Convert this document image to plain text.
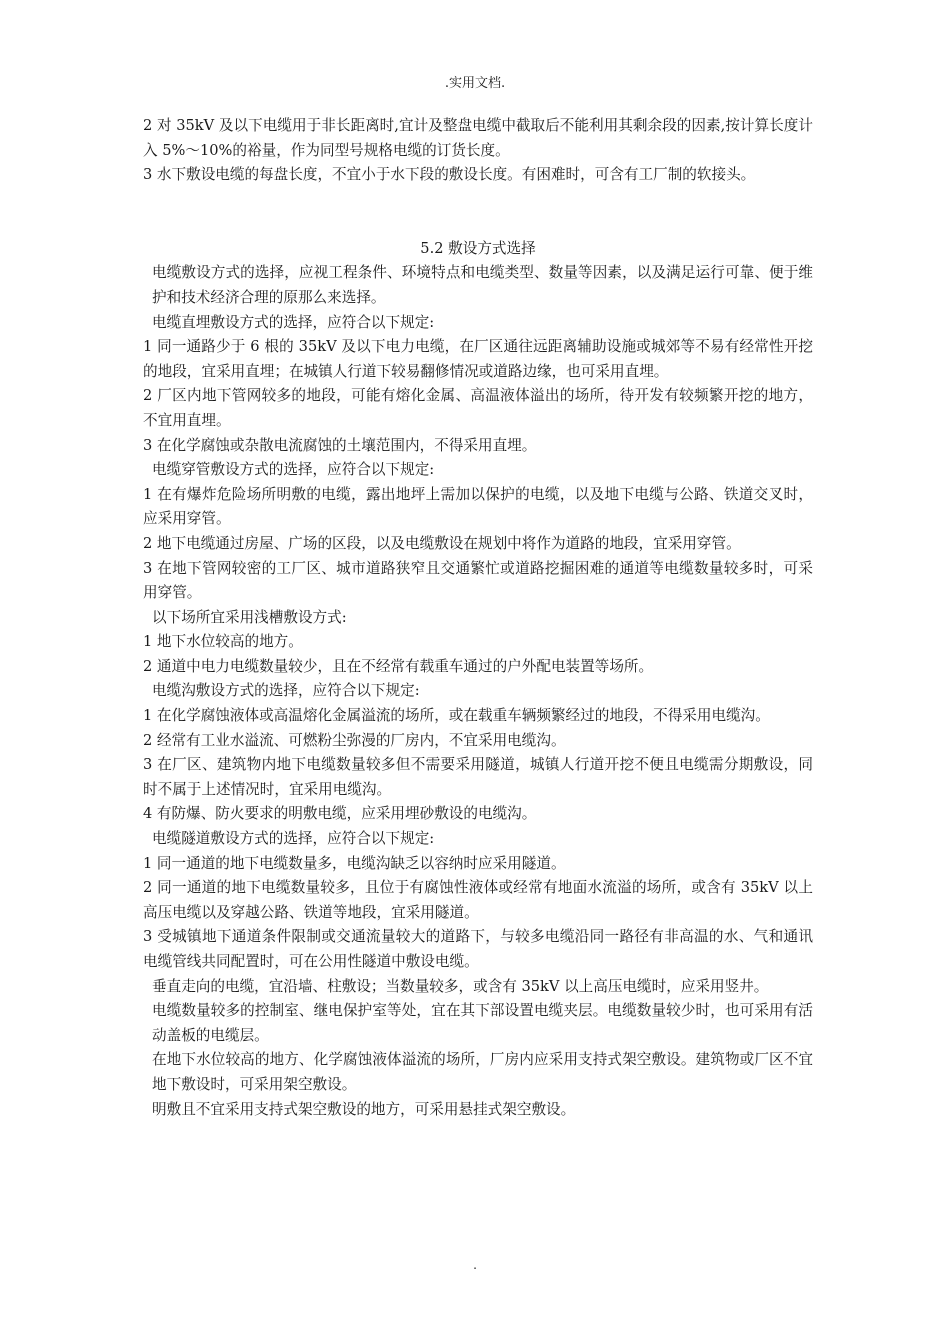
.实用文档.

2 对 35kV 及以下电缆用于非长距离时,宜计及整盘电缆中截取后不能利用其剩余段的因素,按计算长度计入 5%～10%的裕量，作为同型号规格电缆的订货长度。

3 水下敷设电缆的每盘长度，不宜小于水下段的敷设长度。有困难时，可含有工厂制的软接头。

5.2 敷设方式选择

电缆敷设方式的选择，应视工程条件、环境特点和电缆类型、数量等因素，以及满足运行可靠、便于维护和技术经济合理的原那么来选择。

电缆直埋敷设方式的选择，应符合以下规定:

1 同一通路少于 6 根的 35kV 及以下电力电缆，在厂区通往远距离辅助设施或城郊等不易有经常性开挖的地段，宜采用直埋；在城镇人行道下较易翻修情况或道路边缘，也可采用直埋。

2 厂区内地下管网较多的地段，可能有熔化金属、高温液体溢出的场所，待开发有较频繁开挖的地方，不宜用直埋。

3 在化学腐蚀或杂散电流腐蚀的土壤范围内，不得采用直埋。

电缆穿管敷设方式的选择，应符合以下规定:

1 在有爆炸危险场所明敷的电缆，露出地坪上需加以保护的电缆，以及地下电缆与公路、铁道交叉时，应采用穿管。

2 地下电缆通过房屋、广场的区段，以及电缆敷设在规划中将作为道路的地段，宜采用穿管。

3 在地下管网较密的工厂区、城市道路狭窄且交通繁忙或道路挖掘困难的通道等电缆数量较多时，可采用穿管。

以下场所宜采用浅槽敷设方式:

1 地下水位较高的地方。

2 通道中电力电缆数量较少，且在不经常有载重车通过的户外配电装置等场所。

电缆沟敷设方式的选择，应符合以下规定:

1 在化学腐蚀液体或高温熔化金属溢流的场所，或在载重车辆频繁经过的地段，不得采用电缆沟。

2 经常有工业水溢流、可燃粉尘弥漫的厂房内，不宜采用电缆沟。

3 在厂区、建筑物内地下电缆数量较多但不需要采用隧道，城镇人行道开挖不便且电缆需分期敷设，同时不属于上述情况时，宜采用电缆沟。

4 有防爆、防火要求的明敷电缆，应采用埋砂敷设的电缆沟。

电缆隧道敷设方式的选择，应符合以下规定:

1 同一通道的地下电缆数量多，电缆沟缺乏以容纳时应采用隧道。

2 同一通道的地下电缆数量较多，且位于有腐蚀性液体或经常有地面水流溢的场所，或含有 35kV 以上高压电缆以及穿越公路、铁道等地段，宜采用隧道。

3 受城镇地下通道条件限制或交通流量较大的道路下，与较多电缆沿同一路径有非高温的水、气和通讯电缆管线共同配置时，可在公用性隧道中敷设电缆。

垂直走向的电缆，宜沿墙、柱敷设；当数量较多，或含有 35kV 以上高压电缆时，应采用竖井。

电缆数量较多的控制室、继电保护室等处，宜在其下部设置电缆夹层。电缆数量较少时，也可采用有活动盖板的电缆层。

在地下水位较高的地方、化学腐蚀液体溢流的场所，厂房内应采用支持式架空敷设。建筑物或厂区不宜地下敷设时，可采用架空敷设。

明敷且不宜采用支持式架空敷设的地方，可采用悬挂式架空敷设。

.
